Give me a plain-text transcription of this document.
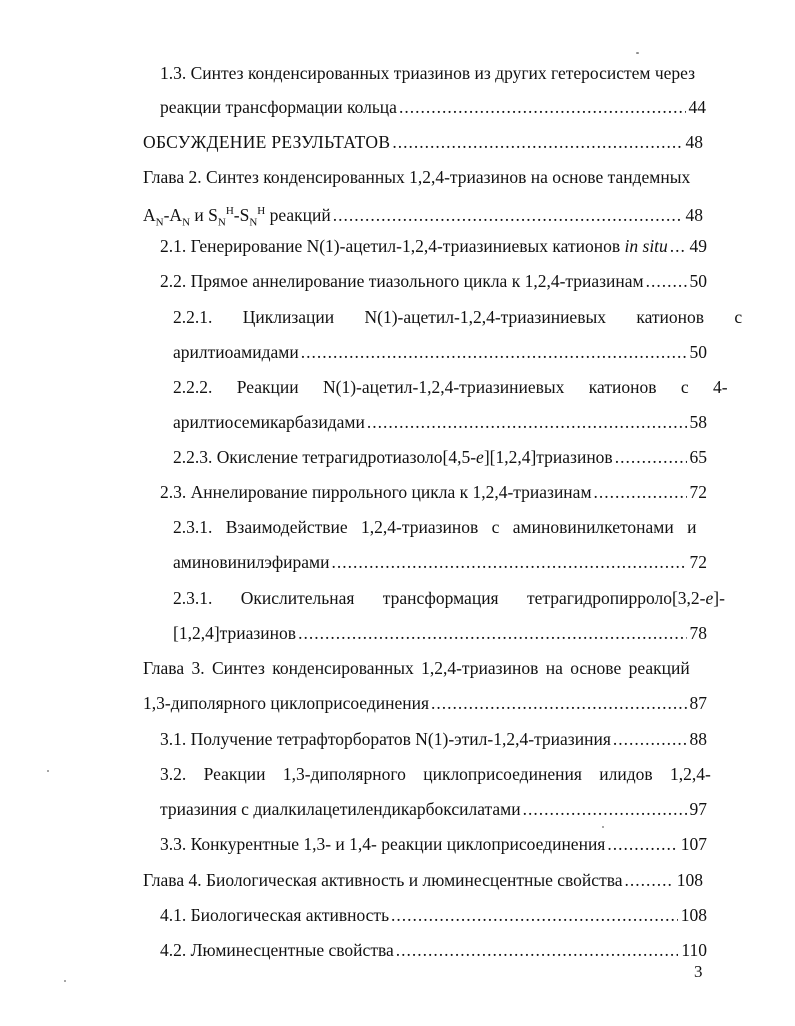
1.3. Синтез конденсированных триазинов из других гетеросистем через
реакции трансформации кольца .....	44
ОБСУЖДЕНИЕ РЕЗУЛЬТАТОВ .....	48
Глава 2. Синтез конденсированных 1,2,4-триазинов на основе тандемных
$A_N-A_N$ и $S_N^H-S_N^H$ реакций .....	48
2.1. Генерирование N(1)-ацетил-1,2,4-триазиниевых катионов in situ ..... 49
2.2. Прямое аннелирование тиазольного цикла к 1,2,4-триазинам .....	50
2.2.1. Циклизации N(1)-ацетил-1,2,4-триазиниевых катионов с
арилтиоамидами .....	50
2.2.2. Реакции N(1)-ацетил-1,2,4-триазиниевых катионов с 4-
арилтиосемикарбазидами .....	58
2.2.3. Окисление тетрагидротиазоло[4,5-e][1,2,4]триазинов .....	65
2.3. Аннелирование пиррольного цикла к 1,2,4-триазинам .....	72
2.3.1. Взаимодействие 1,2,4-триазинов с аминовинилкетонами и
аминовинилэфирами .....	72
2.3.1. Окислительная трансформация тетрагидропирроло[3,2-e]-
[1,2,4]триазинов .....	78
Глава 3. Синтез конденсированных 1,2,4-триазинов на основе реакций
1,3-диполярного циклоприсоединения .....	87
3.1. Получение тетрафторборатов N(1)-этил-1,2,4-триазиния .....	88
3.2. Реакции 1,3-диполярного циклоприсоединения илидов 1,2,4-
триазиния с диалкилацетилендикарбоксилатами .....	97
3.3. Конкурентные 1,3- и 1,4- реакции циклоприсоединения .....	107
Глава 4. Биологическая активность и люминесцентные свойства .....	108
4.1. Биологическая активность .....	108
4.2. Люминесцентные свойства .....	110
3
